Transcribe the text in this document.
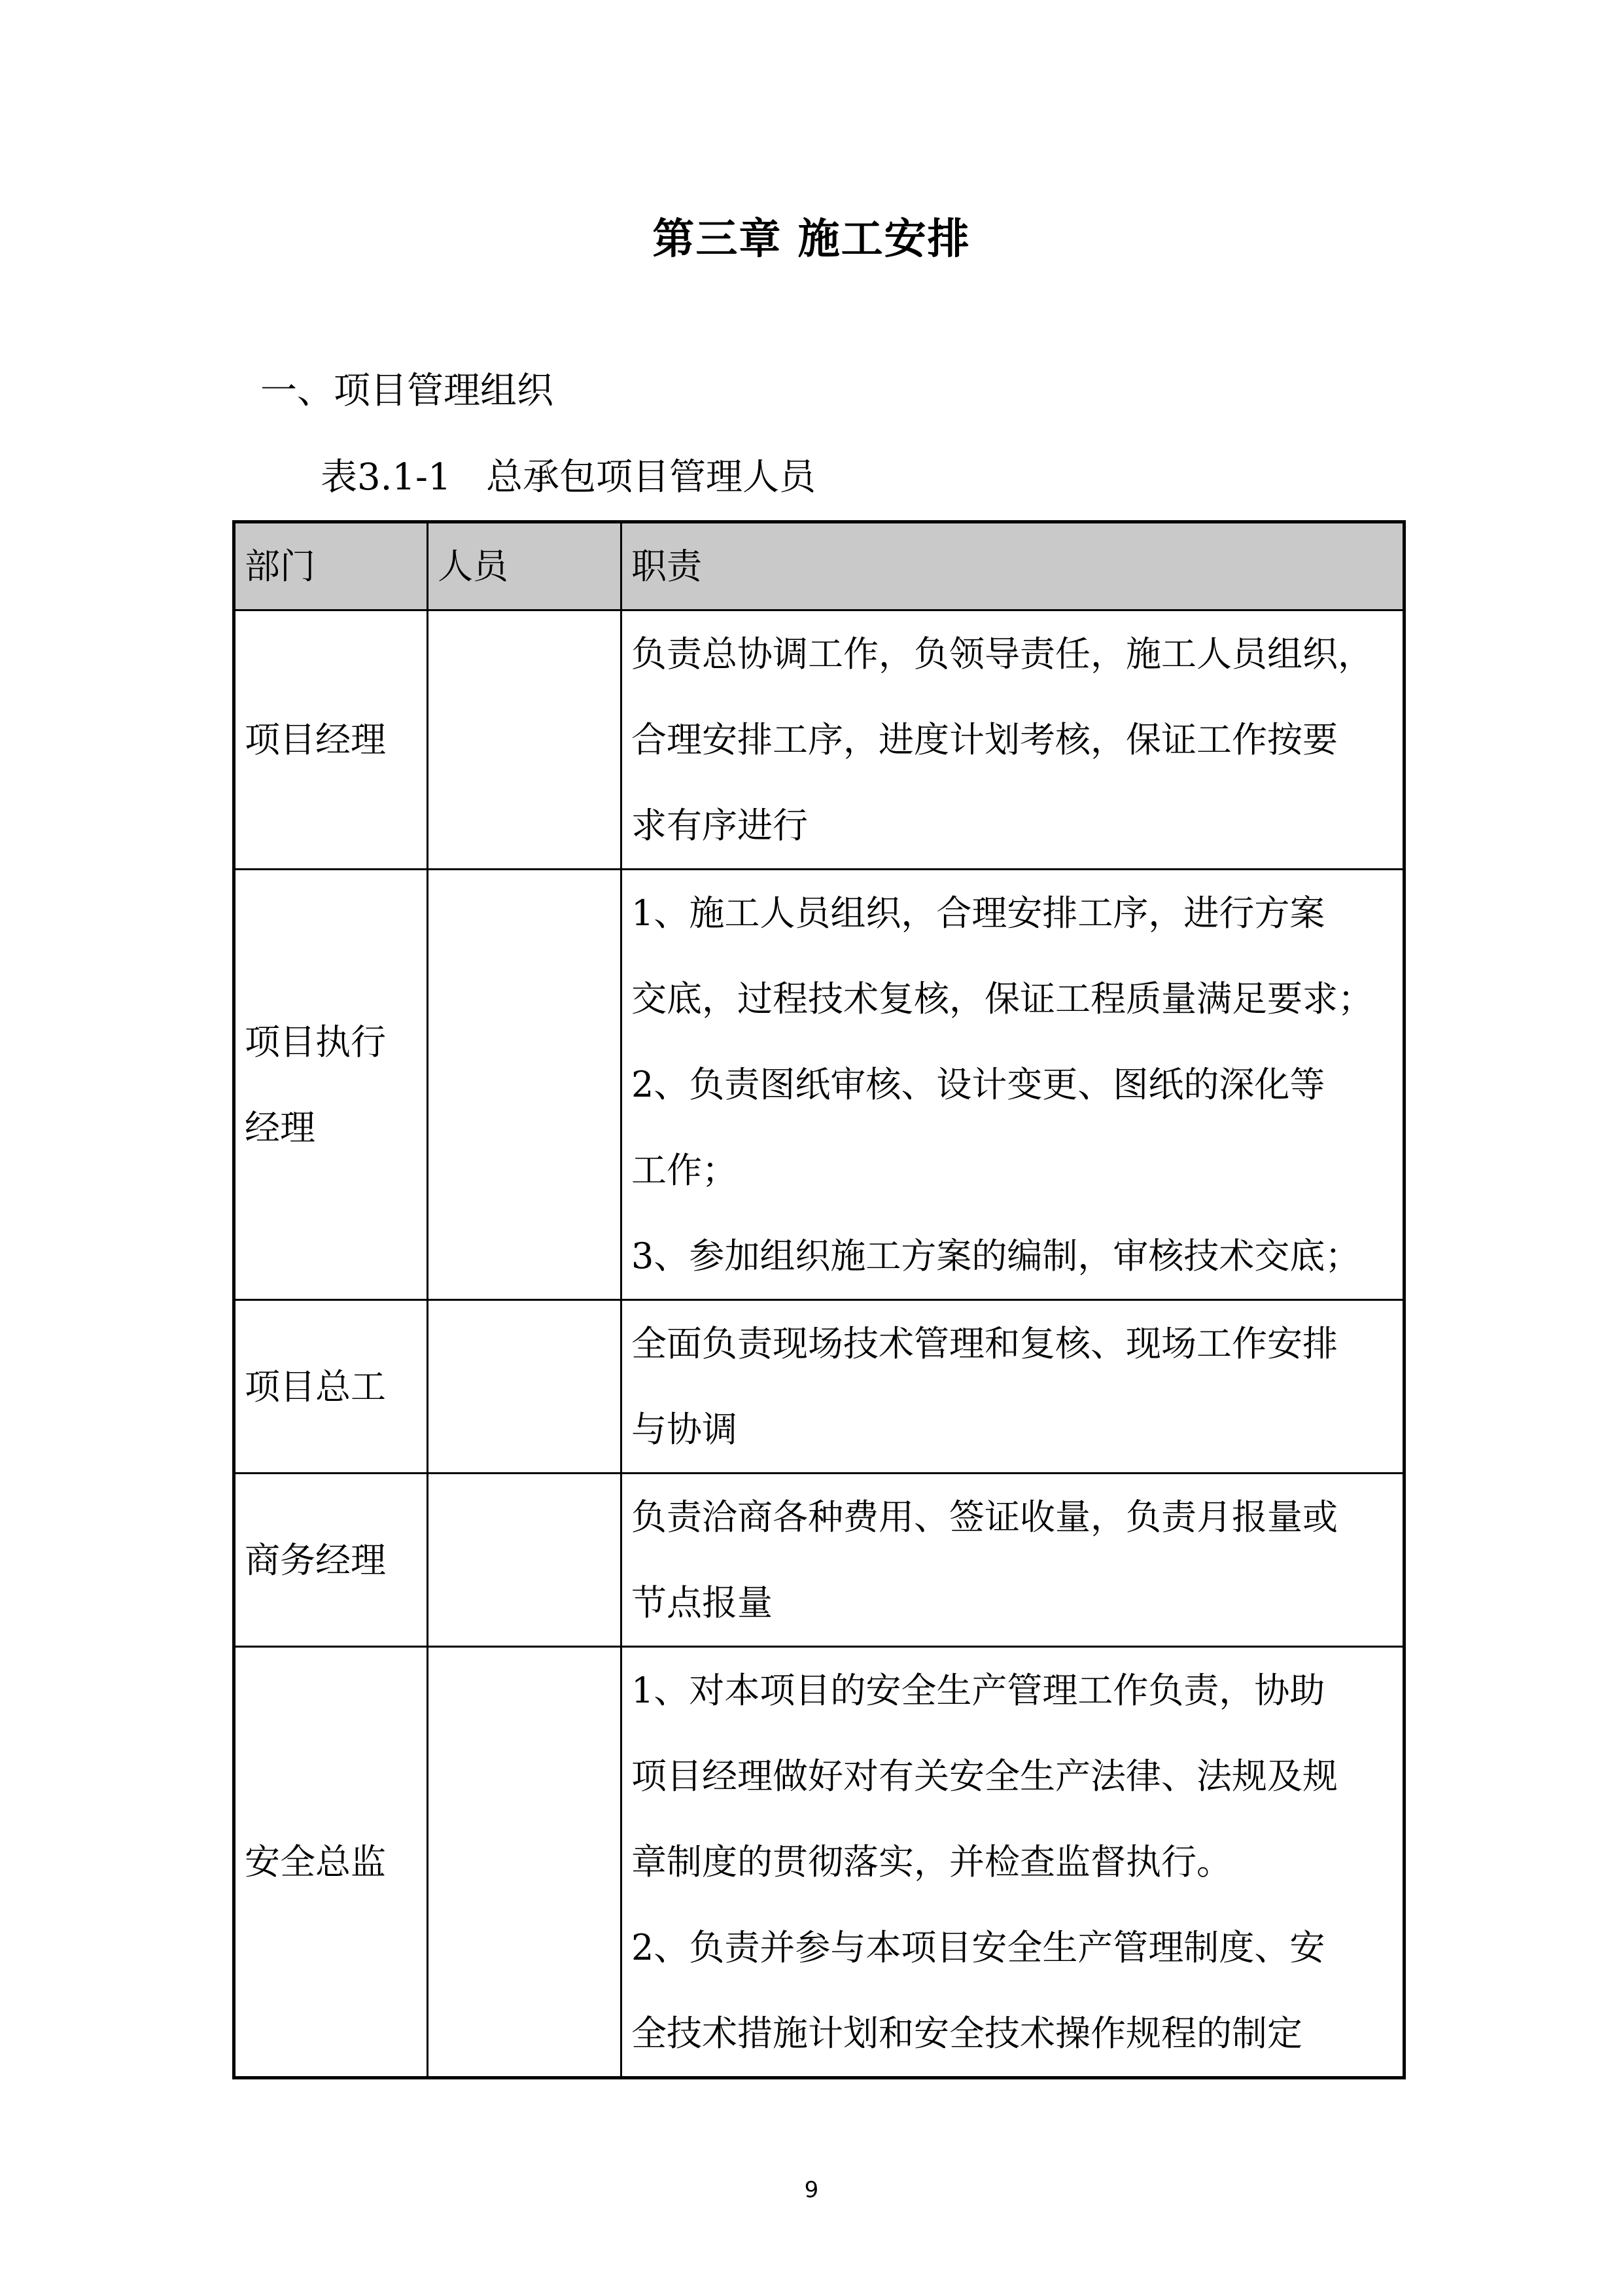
第三章 施工安排
一、项目管理组织
表3.1-1   总承包项目管理人员
部门	人员	职责

项目经理		负责总协调工作，负领导责任，施工人员组织，
合理安排工序，进度计划考核，保证工作按要
求有序进行

项目执行
经理		1、施工人员组织，合理安排工序，进行方案
交底，过程技术复核，保证工程质量满足要求；
2、负责图纸审核、设计变更、图纸的深化等
工作；
3、参加组织施工方案的编制，审核技术交底；

项目总工		全面负责现场技术管理和复核、现场工作安排
与协调

商务经理		负责洽商各种费用、签证收量，负责月报量或
节点报量

安全总监		1、对本项目的安全生产管理工作负责，协助
项目经理做好对有关安全生产法律、法规及规
章制度的贯彻落实，并检查监督执行。
2、负责并参与本项目安全生产管理制度、安
全技术措施计划和安全技术操作规程的制定
9
